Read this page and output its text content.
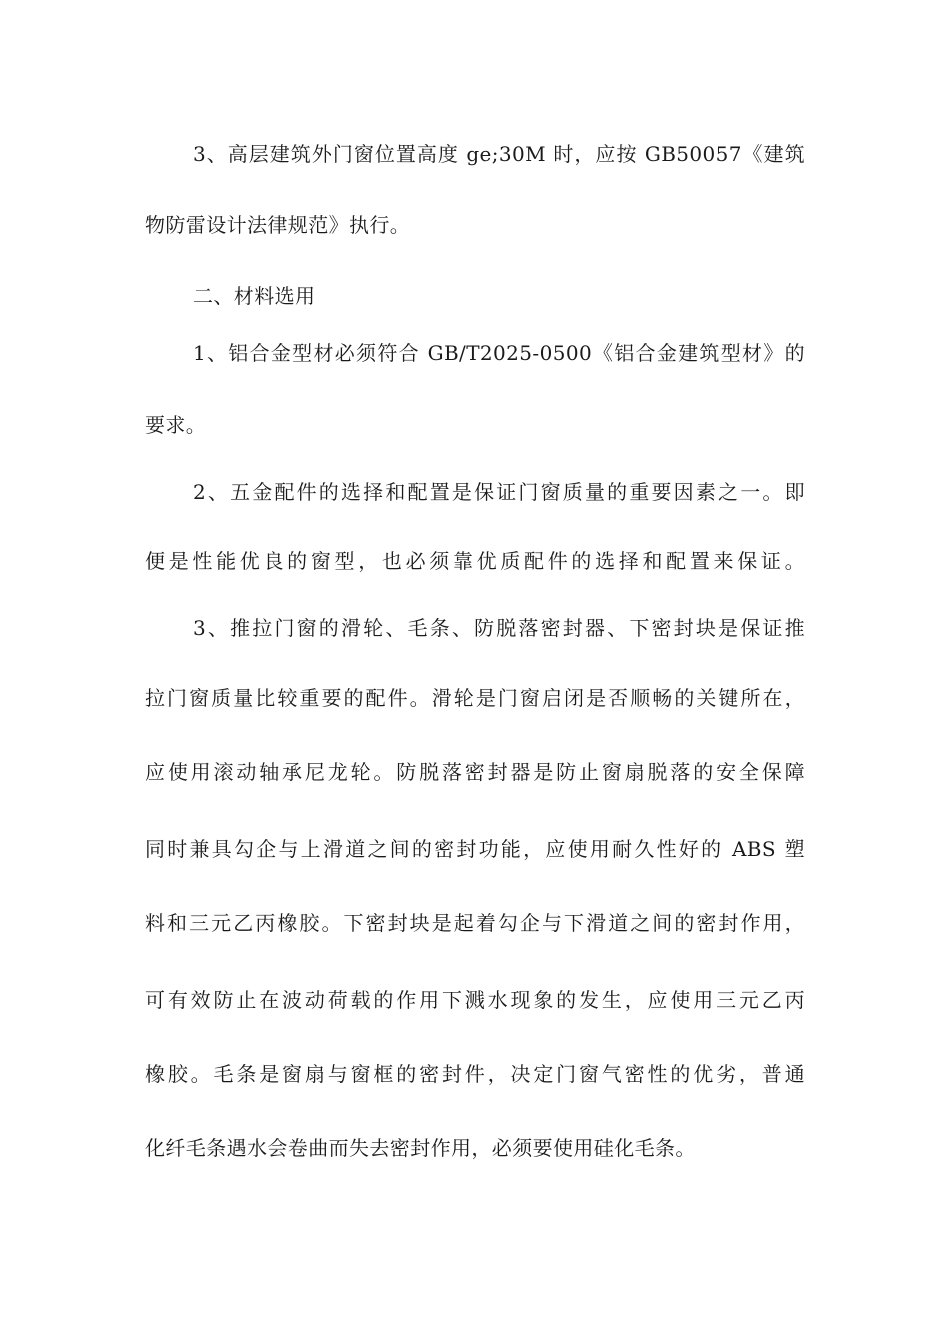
3、高层建筑外门窗位置高度 ge;30M 时，应按 GB50057《建筑
物防雷设计法律规范》执行。
二、材料选用
1、铝合金型材必须符合 GB/T2025-0500《铝合金建筑型材》的
要求。
2、五金配件的选择和配置是保证门窗质量的重要因素之一。即
便是性能优良的窗型，也必须靠优质配件的选择和配置来保证。
3、推拉门窗的滑轮、毛条、防脱落密封器、下密封块是保证推
拉门窗质量比较重要的配件。滑轮是门窗启闭是否顺畅的关键所在，
应使用滚动轴承尼龙轮。防脱落密封器是防止窗扇脱落的安全保障
同时兼具勾企与上滑道之间的密封功能，应使用耐久性好的 ABS 塑
料和三元乙丙橡胶。下密封块是起着勾企与下滑道之间的密封作用，
可有效防止在波动荷载的作用下溅水现象的发生，应使用三元乙丙
橡胶。毛条是窗扇与窗框的密封件，决定门窗气密性的优劣，普通
化纤毛条遇水会卷曲而失去密封作用，必须要使用硅化毛条。
